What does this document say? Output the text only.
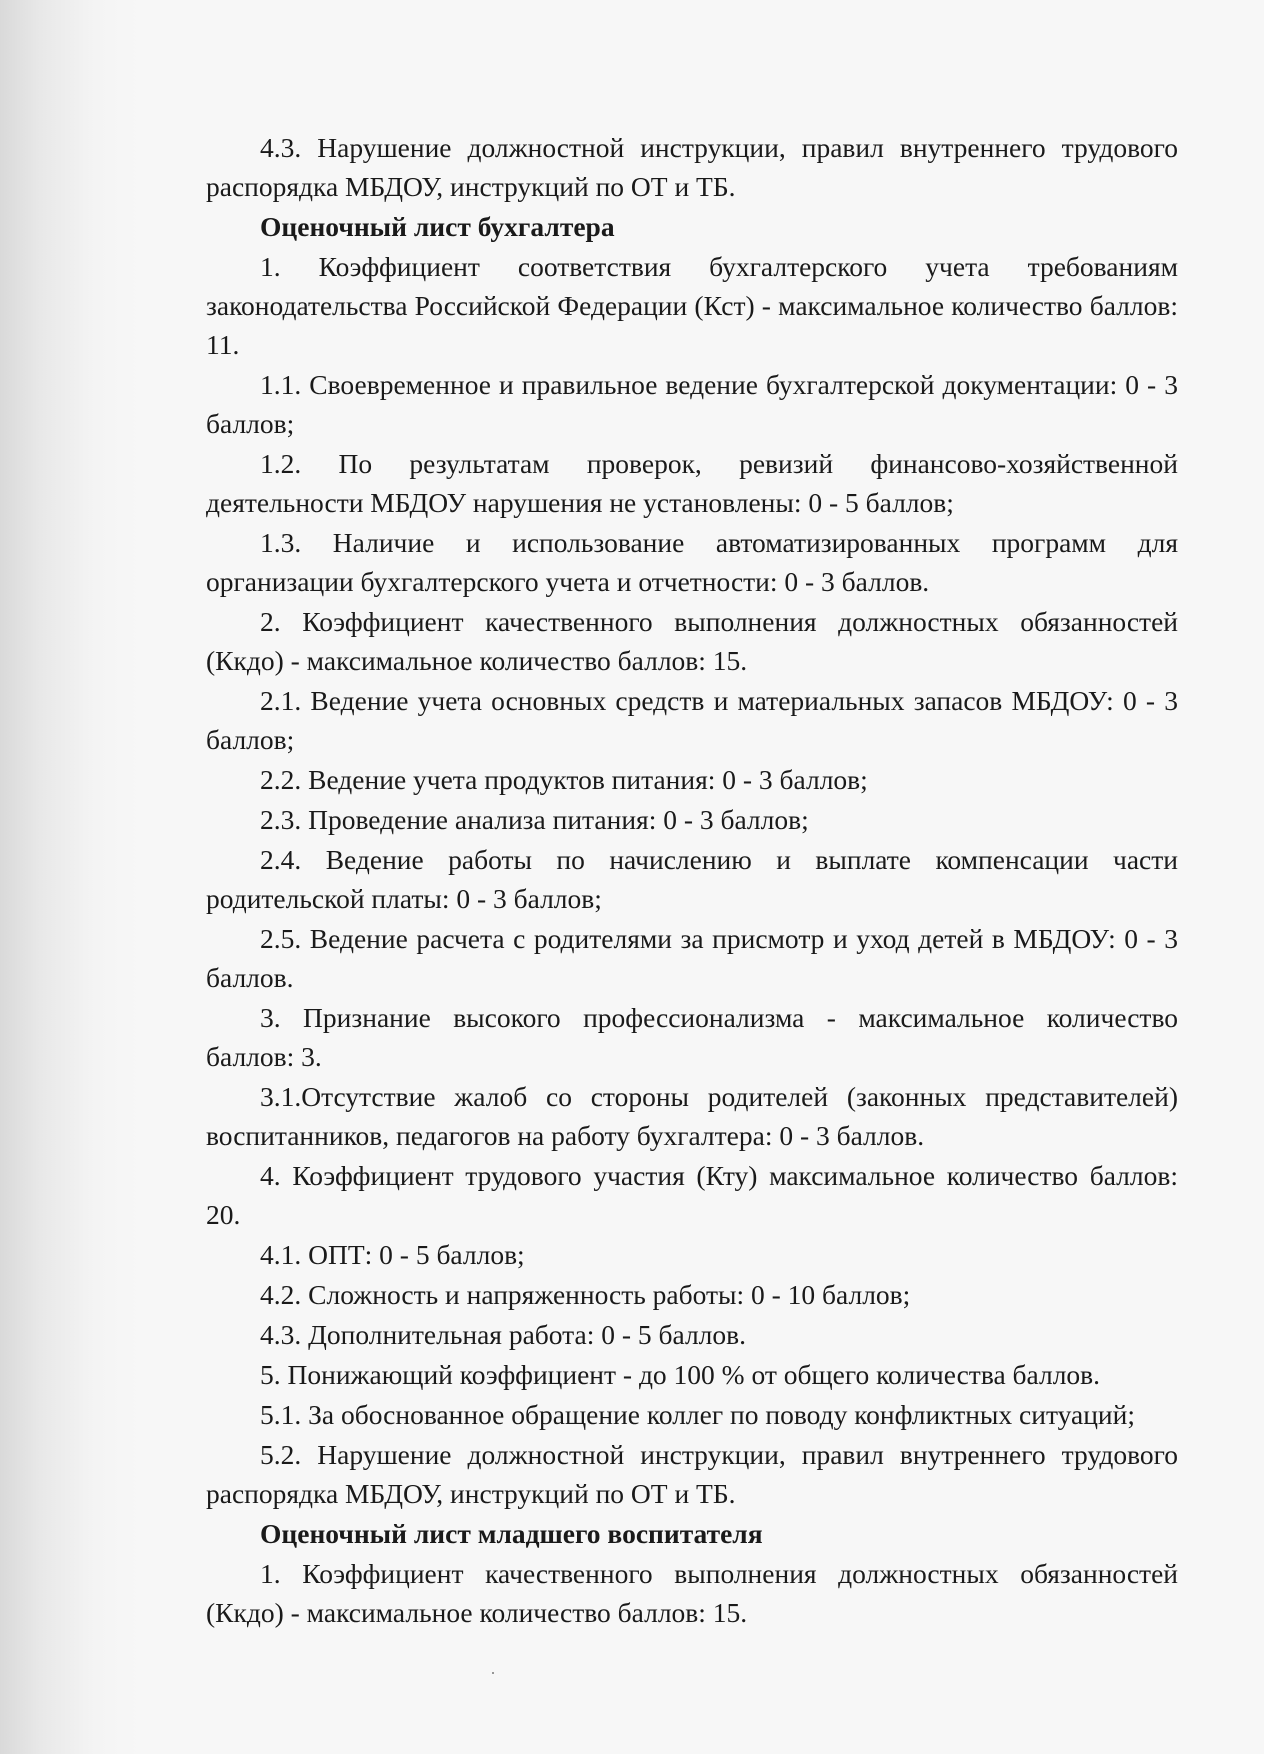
4.3. Нарушение должностной инструкции, правил внутреннего трудового распорядка МБДОУ, инструкций по ОТ и ТБ.

Оценочный лист бухгалтера

1. Коэффициент соответствия бухгалтерского учета требованиям законодательства Российской Федерации (Кст) - максимальное количество баллов: 11.

1.1. Своевременное и правильное ведение бухгалтерской документации: 0 - 3 баллов;

1.2. По результатам проверок, ревизий финансово-хозяйственной деятельности МБДОУ нарушения не установлены: 0 - 5 баллов;

1.3. Наличие и использование автоматизированных программ для организации бухгалтерского учета и отчетности: 0 - 3 баллов.

2. Коэффициент качественного выполнения должностных обязанностей (Ккдо) - максимальное количество баллов: 15.

2.1. Ведение учета основных средств и материальных запасов МБДОУ: 0 - 3 баллов;

2.2. Ведение учета продуктов питания: 0 - 3 баллов;

2.3. Проведение анализа питания: 0 - 3 баллов;

2.4. Ведение работы по начислению и выплате компенсации части родительской платы: 0 - 3 баллов;

2.5. Ведение расчета с родителями за присмотр и уход детей в МБДОУ: 0 - 3 баллов.

3. Признание высокого профессионализма - максимальное количество баллов: 3.

3.1.Отсутствие жалоб со стороны родителей (законных представителей) воспитанников, педагогов на работу бухгалтера: 0 - 3 баллов.

4. Коэффициент трудового участия (Кту) максимальное количество баллов: 20.

4.1. ОПТ: 0 - 5 баллов;

4.2. Сложность и напряженность работы: 0 - 10 баллов;

4.3. Дополнительная работа: 0 - 5 баллов.

5. Понижающий коэффициент - до 100 % от общего количества баллов.

5.1. За обоснованное обращение коллег по поводу конфликтных ситуаций;

5.2. Нарушение должностной инструкции, правил внутреннего трудового распорядка МБДОУ, инструкций по ОТ и ТБ.

Оценочный лист младшего воспитателя

1. Коэффициент качественного выполнения должностных обязанностей (Ккдо) - максимальное количество баллов: 15.
